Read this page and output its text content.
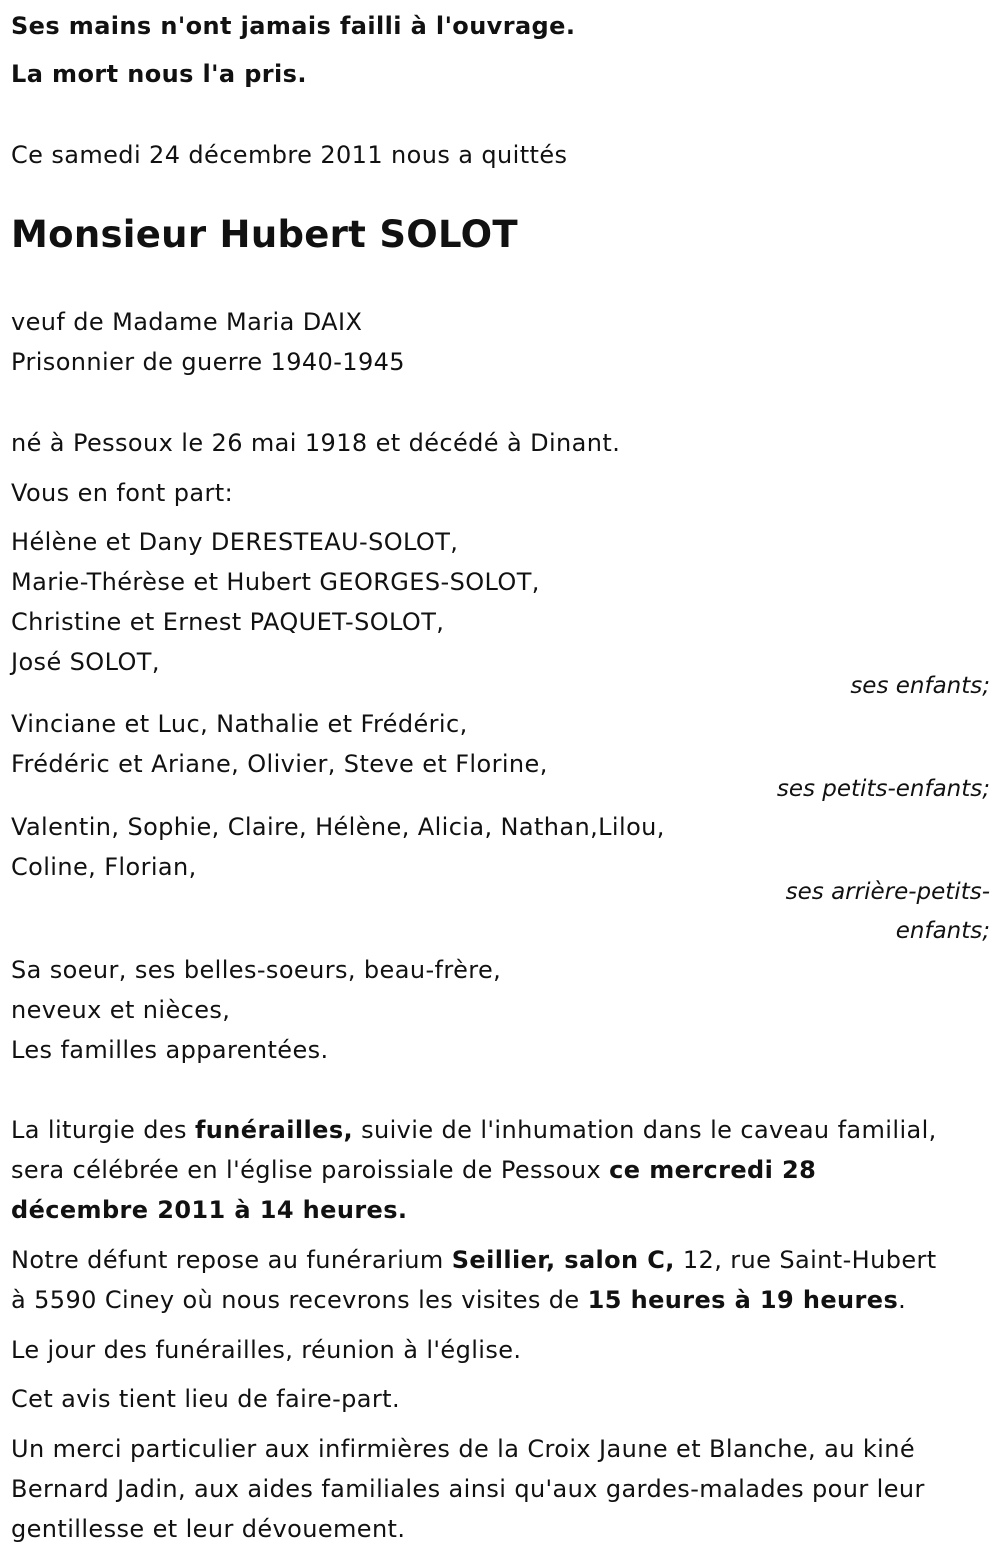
Ses mains n'ont jamais failli à l'ouvrage.
La mort nous l'a pris.
Ce samedi 24 décembre 2011 nous a quittés
Monsieur Hubert SOLOT
veuf de Madame Maria DAIX
Prisonnier de guerre 1940-1945
né à Pessoux le 26 mai 1918 et décédé à Dinant.
Vous en font part:
Hélène et Dany DERESTEAU-SOLOT,
Marie-Thérèse et Hubert GEORGES-SOLOT,
Christine et Ernest PAQUET-SOLOT,
José SOLOT,
ses enfants;
Vinciane et Luc, Nathalie et Frédéric,
Frédéric et Ariane, Olivier, Steve et Florine,
ses petits-enfants;
Valentin, Sophie, Claire, Hélène, Alicia, Nathan,Lilou,
Coline, Florian,
ses arrière-petits-
enfants;
Sa soeur, ses belles-soeurs, beau-frère,
neveux et nièces,
Les familles apparentées.
La liturgie des funérailles, suivie de l'inhumation dans le caveau familial,
sera célébrée en l'église paroissiale de Pessoux ce mercredi 28
décembre 2011 à 14 heures.
Notre défunt repose au funérarium Seillier, salon C, 12, rue Saint-Hubert
à 5590 Ciney où nous recevrons les visites de 15 heures à 19 heures.
Le jour des funérailles, réunion à l'église.
Cet avis tient lieu de faire-part.
Un merci particulier aux infirmières de la Croix Jaune et Blanche, au kiné
Bernard Jadin, aux aides familiales ainsi qu'aux gardes-malades pour leur
gentillesse et leur dévouement.
